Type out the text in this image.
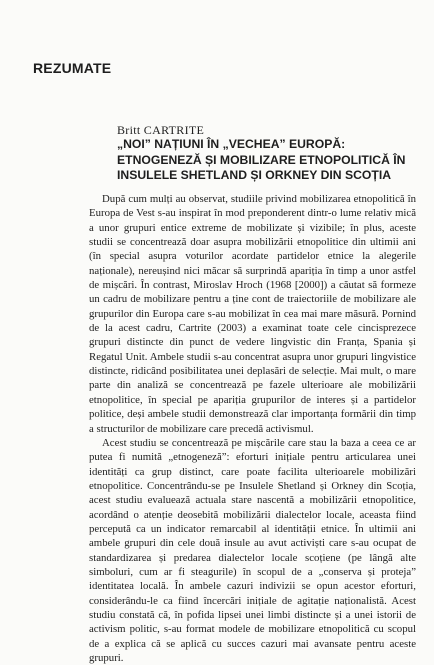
REZUMATE
Britt CARTRITE
„NOI” NAȚIUNI ÎN „VECHEA” EUROPĂ:
ETNOGENEZĂ ȘI MOBILIZARE ETNOPOLITICĂ ÎN
INSULELE SHETLAND ȘI ORKNEY DIN SCOȚIA

După cum mulți au observat, studiile privind mobilizarea etnopolitică în Europa de Vest s-au inspirat în mod preponderent dintr-o lume relativ mică a unor grupuri entice extreme de mobilizate și vizibile; în plus, aceste studii se concentrează doar asupra mobilizării etnopolitice din ultimii ani (în special asupra voturilor acordate partidelor etnice la alegerile naționale), nereușind nici măcar să surprindă apariția în timp a unor astfel de mișcări. În contrast, Miroslav Hroch (1968 [2000]) a căutat să formeze un cadru de mobilizare pentru a ține cont de traiectoriile de mobilizare ale grupurilor din Europa care s-au mobilizat în cea mai mare măsură. Pornind de la acest cadru, Cartrite (2003) a examinat toate cele cincisprezece grupuri distincte din punct de vedere lingvistic din Franța, Spania și Regatul Unit. Ambele studii s-au concentrat asupra unor grupuri lingvistice distincte, ridicând posibilitatea unei deplasări de selecție. Mai mult, o mare parte din analiză se concentrează pe fazele ulterioare ale mobilizării etnopolitice, în special pe apariția grupurilor de interes și a partidelor politice, deși ambele studii demonstrează clar importanța formării din timp a structurilor de mobilizare care precedă activismul.

Acest studiu se concentrează pe mișcările care stau la baza a ceea ce ar putea fi numită „etnogeneză”: eforturi inițiale pentru articularea unei identități ca grup distinct, care poate facilita ulterioarele mobilizări etnopolitice. Concentrându-se pe Insulele Shetland și Orkney din Scoția, acest studiu evaluează actuala stare nascentă a mobilizării etnopolitice, acordând o atenție deosebită mobilizării dialectelor locale, aceasta fiind percepută ca un indicator remarcabil al identității etnice. În ultimii ani ambele grupuri din cele două insule au avut activiști care s-au ocupat de standardizarea și predarea dialectelor locale scoțiene (pe lângă alte simboluri, cum ar fi steagurile) în scopul de a „conserva și proteja” identitatea locală. În ambele cazuri indivizii se opun acestor eforturi, considerându-le ca fiind încercări inițiale de agitație naționalistă. Acest studiu constată că, în pofida lipsei unei limbi distincte și a unei istorii de activism politic, s-au format modele de mobilizare etnopolitică cu scopul de a explica că se aplică cu succes cazuri mai avansate pentru aceste grupuri.
